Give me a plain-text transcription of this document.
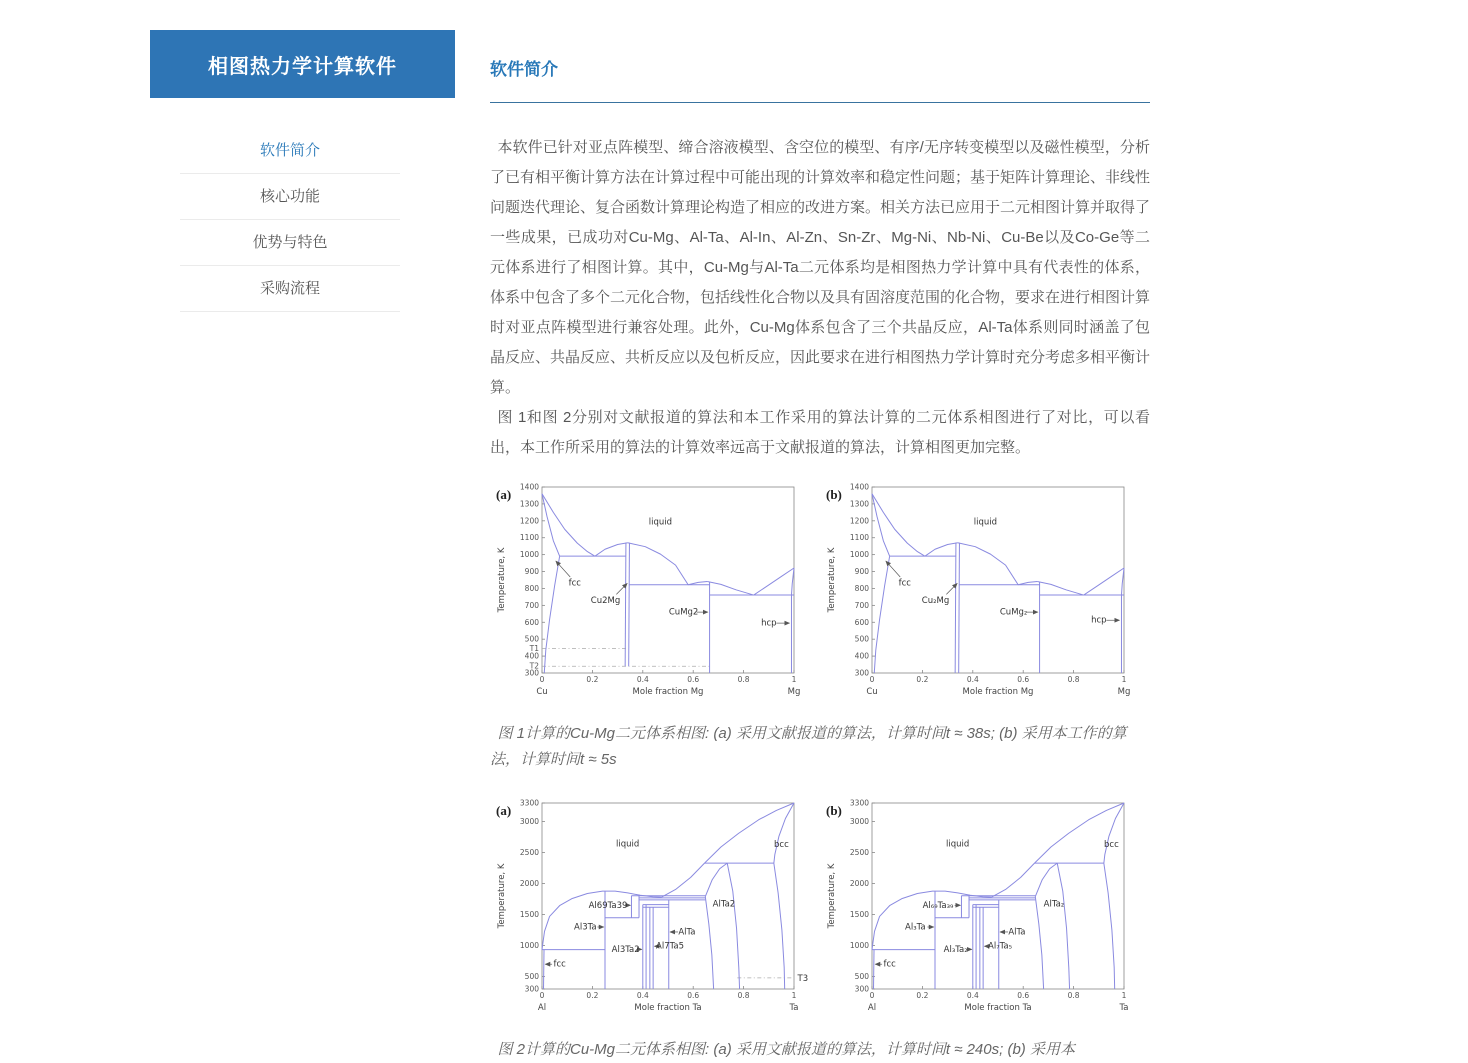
相图热力学计算软件
软件简介
核心功能
优势与特色
采购流程
软件简介

本软件已针对亚点阵模型、缔合溶液模型、含空位的模型、有序/无序转变模型以及磁性模型，分析了已有相平衡计算方法在计算过程中可能出现的计算效率和稳定性问题；基于矩阵计算理论、非线性问题迭代理论、复合函数计算理论构造了相应的改进方案。相关方法已应用于二元相图计算并取得了一些成果，已成功对Cu-Mg、Al-Ta、Al-In、Al-Zn、Sn-Zr、Mg-Ni、Nb-Ni、Cu-Be以及Co-Ge等二元体系进行了相图计算。其中，Cu-Mg与Al-Ta二元体系均是相图热力学计算中具有代表性的体系，体系中包含了多个二元化合物，包括线性化合物以及具有固溶度范围的化合物，要求在进行相图计算时对亚点阵模型进行兼容处理。此外，Cu-Mg体系包含了三个共晶反应，Al-Ta体系则同时涵盖了包晶反应、共晶反应、共析反应以及包析反应，因此要求在进行相图热力学计算时充分考虑多相平衡计算。

图 1和图 2分别对文献报道的算法和本工作采用的算法计算的二元体系相图进行了对比，可以看出，本工作所采用的算法的计算效率远高于文献报道的算法，计算相图更加完整。

0	0.2	0.4	0.6	0.8	1
300
400
500
600
700
800
900
1000
1100
1200
1300
1400
T1
T2
liquid
fcc
Cu2Mg
CuMg2
hcp
Mole fraction Mg
Cu	Mg
Temperature, K
(a)
0	0.2	0.4	0.6	0.8	1
300
400
500
600
700
800
900
1000
1100
1200
1300
1400
liquid
fcc
Cu₂Mg
CuMg₂
hcp
Mole fraction Mg
Cu	Mg
Temperature, K
(b)
图 1计算的Cu-Mg二元体系相图: (a) 采用文献报道的算法，计算时间t ≈ 38s; (b) 采用本工作的算法，计算时间t ≈ 5s
0	0.2	0.4	0.6	0.8	1
300
500
1000
1500
2000
2500
3000
3300
liquid	bcc
fcc
Al3Ta
Al69Ta39
Al3Ta2 Al7Ta5
AlTa
AlTa2
T3
Mole fraction Ta
Al	Ta
Temperature, K
(a)
0	0.2	0.4	0.6	0.8	1
300
500
1000
1500
2000
2500
3000
3300
liquid	bcc
fcc
Al₃Ta
Al₆₉Ta₃₉
Al₃Ta₂ Al₇Ta₅
AlTa
AlTa₂
Mole fraction Ta
Al	Ta
Temperature, K
(b)
图 2计算的Cu-Mg二元体系相图: (a) 采用文献报道的算法，计算时间t ≈ 240s; (b) 采用本
